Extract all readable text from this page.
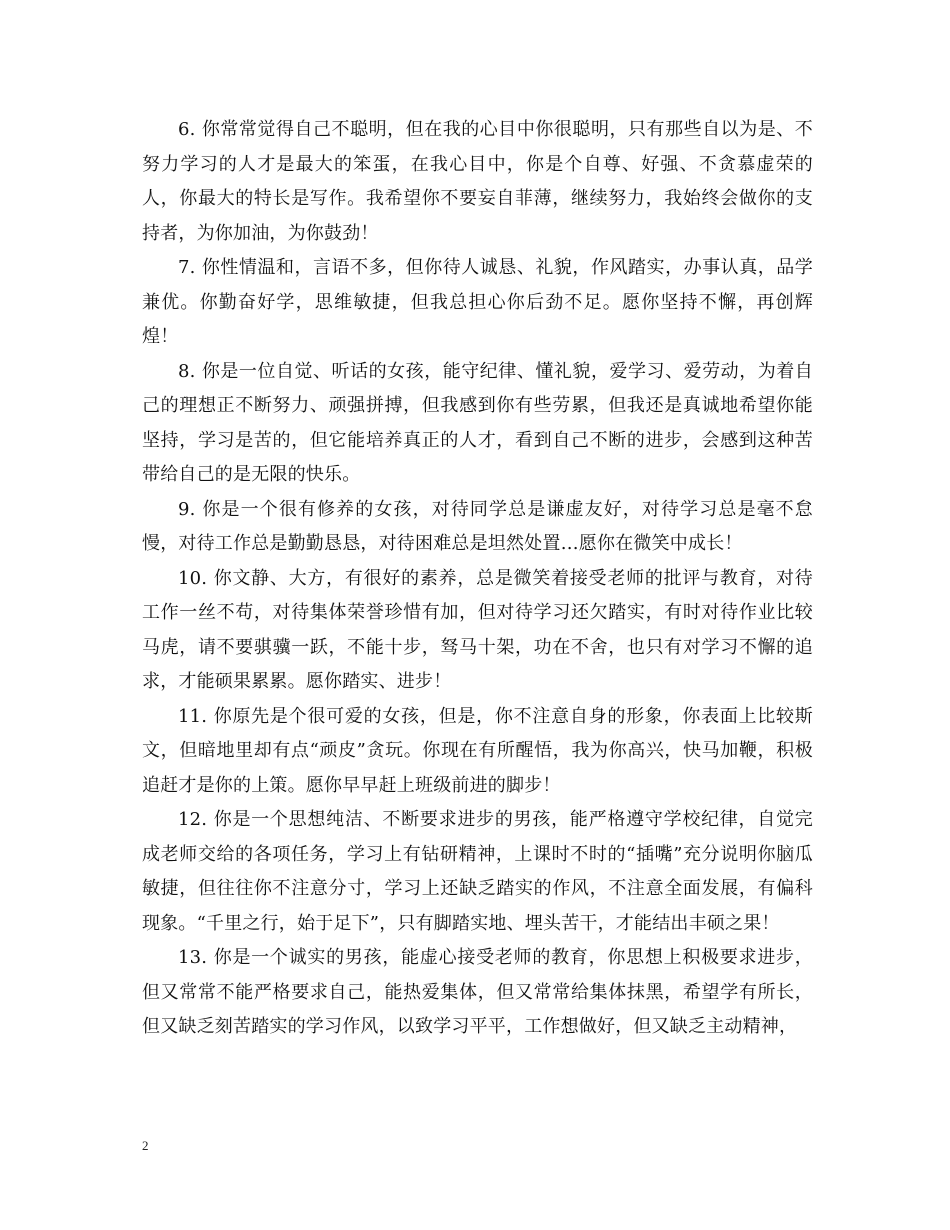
6. 你常常觉得自己不聪明，但在我的心目中你很聪明，只有那些自以为是、不努力学习的人才是最大的笨蛋，在我心目中，你是个自尊、好强、不贪慕虚荣的人，你最大的特长是写作。我希望你不要妄自菲薄，继续努力，我始终会做你的支持者，为你加油，为你鼓劲！

7. 你性情温和，言语不多，但你待人诚恳、礼貌，作风踏实，办事认真，品学兼优。你勤奋好学，思维敏捷，但我总担心你后劲不足。愿你坚持不懈，再创辉煌！

8. 你是一位自觉、听话的女孩，能守纪律、懂礼貌，爱学习、爱劳动，为着自己的理想正不断努力、顽强拼搏，但我感到你有些劳累，但我还是真诚地希望你能坚持，学习是苦的，但它能培养真正的人才，看到自己不断的进步，会感到这种苦带给自己的是无限的快乐。

9. 你是一个很有修养的女孩，对待同学总是谦虚友好，对待学习总是毫不怠慢，对待工作总是勤勤恳恳，对待困难总是坦然处置…愿你在微笑中成长！

10. 你文静、大方，有很好的素养，总是微笑着接受老师的批评与教育，对待工作一丝不苟，对待集体荣誉珍惜有加，但对待学习还欠踏实，有时对待作业比较马虎，请不要骐骥一跃，不能十步，驽马十架，功在不舍，也只有对学习不懈的追求，才能硕果累累。愿你踏实、进步！

11. 你原先是个很可爱的女孩，但是，你不注意自身的形象，你表面上比较斯文，但暗地里却有点“顽皮”贪玩。你现在有所醒悟，我为你高兴，快马加鞭，积极追赶才是你的上策。愿你早早赶上班级前进的脚步！

12. 你是一个思想纯洁、不断要求进步的男孩，能严格遵守学校纪律，自觉完成老师交给的各项任务，学习上有钻研精神，上课时不时的“插嘴”充分说明你脑瓜敏捷，但往往你不注意分寸，学习上还缺乏踏实的作风，不注意全面发展，有偏科现象。“千里之行，始于足下”，只有脚踏实地、埋头苦干，才能结出丰硕之果！

13. 你是一个诚实的男孩，能虚心接受老师的教育，你思想上积极要求进步，但又常常不能严格要求自己，能热爱集体，但又常常给集体抹黑，希望学有所长，但又缺乏刻苦踏实的学习作风，以致学习平平，工作想做好，但又缺乏主动精神，

2
